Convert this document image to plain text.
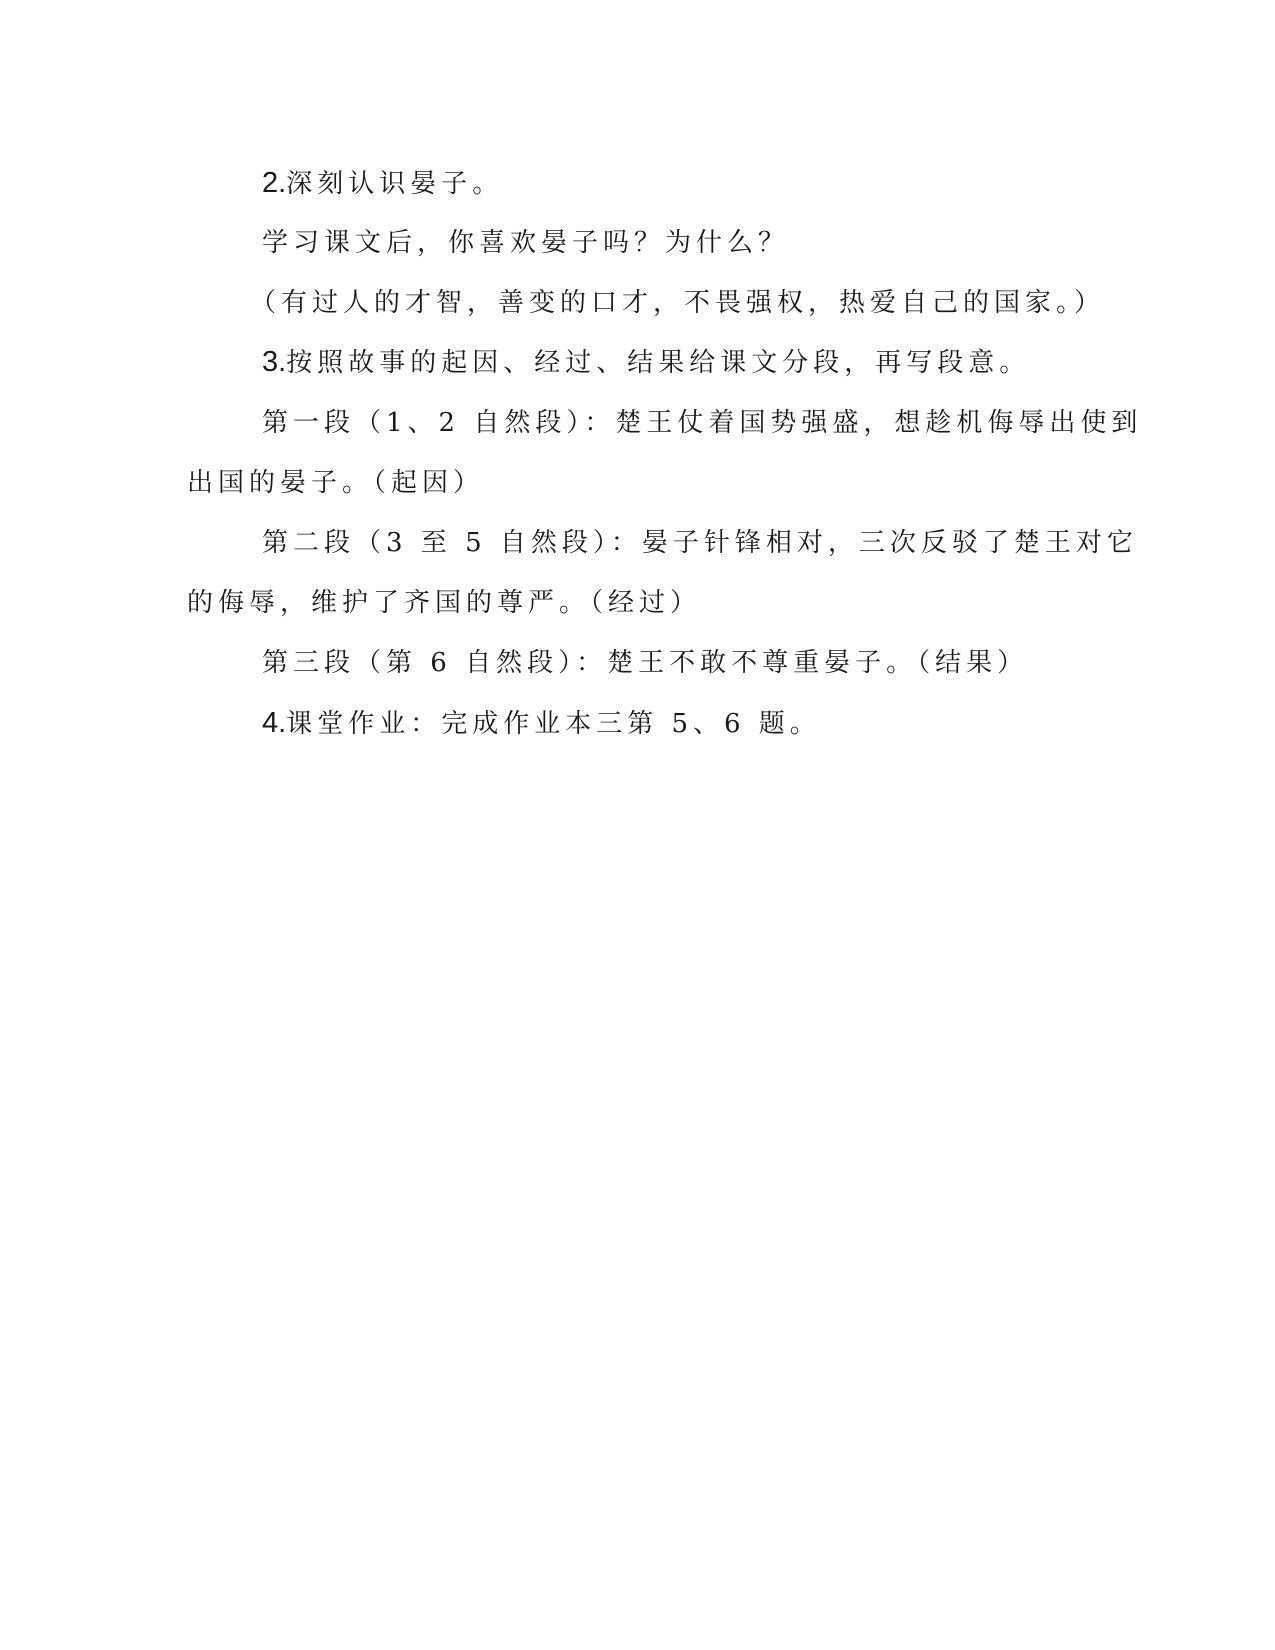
2.深刻认识晏子。
学习课文后，你喜欢晏子吗？为什么？
（有过人的才智，善变的口才，不畏强权，热爱自己的国家。）
3.按照故事的起因、经过、结果给课文分段，再写段意。
第一段（1、2 自然段）：楚王仗着国势强盛，想趁机侮辱出使到
出国的晏子。（起因）
第二段（3 至 5 自然段）：晏子针锋相对，三次反驳了楚王对它
的侮辱，维护了齐国的尊严。（经过）
第三段（第 6 自然段）：楚王不敢不尊重晏子。（结果）
4.课堂作业：完成作业本三第 5、6 题。
